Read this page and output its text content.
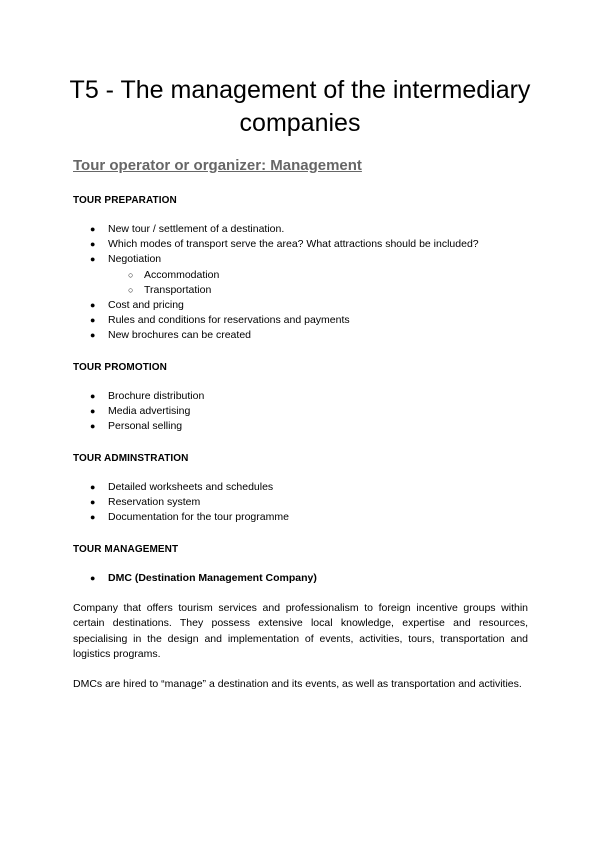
T5 - The management of the intermediary companies
Tour operator or organizer: Management
TOUR PREPARATION
● New tour / settlement of a destination.
● Which modes of transport serve the area? What attractions should be included?
● Negotiation
○ Accommodation
○ Transportation
● Cost and pricing
● Rules and conditions for reservations and payments
● New brochures can be created
TOUR PROMOTION
● Brochure distribution
● Media advertising
● Personal selling
TOUR ADMINSTRATION
● Detailed worksheets and schedules
● Reservation system
● Documentation for the tour programme
TOUR MANAGEMENT
● DMC (Destination Management Company)

Company that offers tourism services and professionalism to foreign incentive groups within certain destinations. They possess extensive local knowledge, expertise and resources, specialising in the design and implementation of events, activities, tours, transportation and logistics programs.

DMCs are hired to “manage” a destination and its events, as well as transportation and activities.
